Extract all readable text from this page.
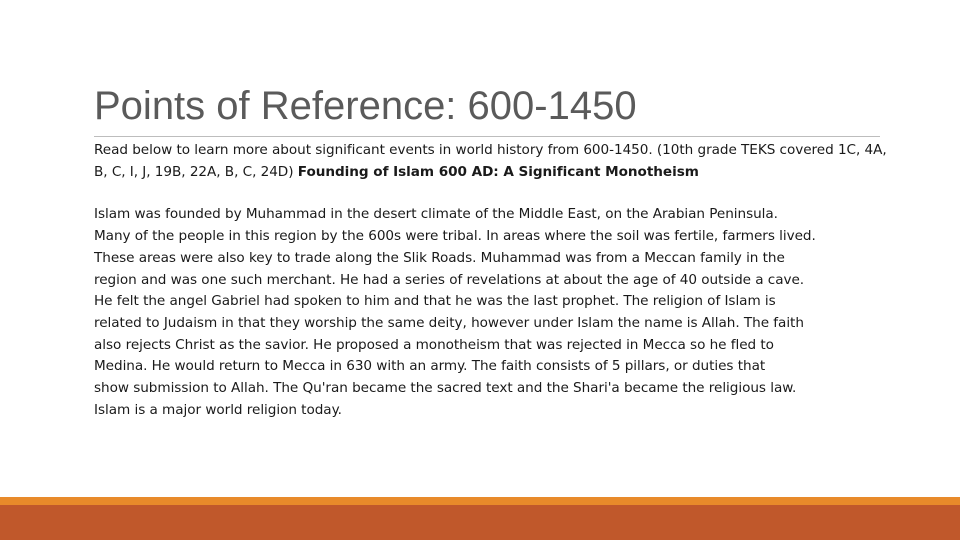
Points of Reference: 600-1450

Read below to learn more about significant events in world history from 600-1450. (10th grade TEKS covered 1C, 4A, B, C, I, J, 19B, 22A, B, C, 24D) Founding of Islam 600 AD: A Significant Monotheism

Islam was founded by Muhammad in the desert climate of the Middle East, on the Arabian Peninsula.
Many of the people in this region by the 600s were tribal. In areas where the soil was fertile, farmers lived.
These areas were also key to trade along the Slik Roads. Muhammad was from a Meccan family in the
region and was one such merchant. He had a series of revelations at about the age of 40 outside a cave.
He felt the angel Gabriel had spoken to him and that he was the last prophet. The religion of Islam is
related to Judaism in that they worship the same deity, however under Islam the name is Allah. The faith
also rejects Christ as the savior. He proposed a monotheism that was rejected in Mecca so he fled to
Medina. He would return to Mecca in 630 with an army. The faith consists of 5 pillars, or duties that
show submission to Allah. The Qu'ran became the sacred text and the Shari'a became the religious law.
Islam is a major world religion today.
